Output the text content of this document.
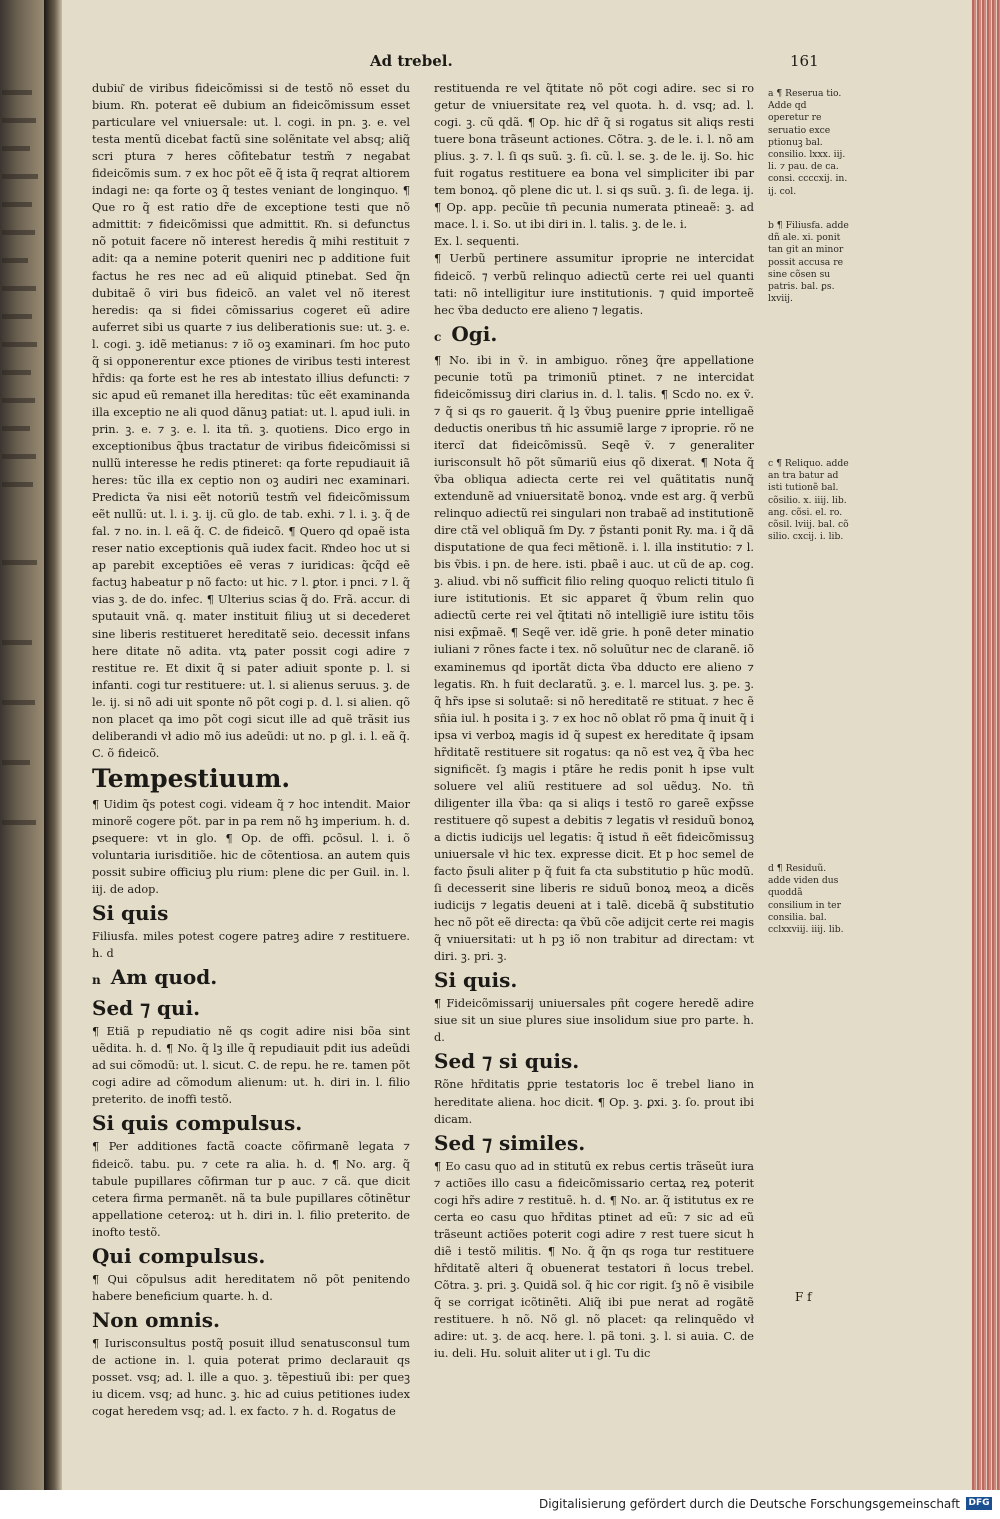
Ad trebel.	161

dubiu͂ de viribus fideicõmissi si de testõ nõ esset du bium. R͂n. poterat eẽ dubium an fideicõmissum esset particulare vel vniuersale: ut. l. cogi. in pn. ꝫ. e. vel testa mentũ dicebat factũ sine solẽnitate vel absq; aliq̃ scri ptura ⁊ heres cõfitebatur testm̃ ⁊ negabat fideicõmis sum. ⁊ ex hoc põt eẽ q̃ ista q̃ reqrat altiorem indagi ne: qa forte oꝫ q̃ testes veniant de longinquo. ¶ Que ro q̃ est ratio dr̃e de exceptione testi que nõ admittit: ⁊ fideicõmissi que admittit. R͂n. si defunctus nõ potuit facere nõ interest heredis q̃ mihi restituit ⁊ adit: qa a nemine poterit queniri nec p additione fuit factus he res nec ad eũ aliquid ptinebat. Sed q̃n dubitaẽ õ viri bus fideicõ. an valet vel nõ iterest heredis: qa si fidei cõmissarius cogeret eũ adire auferret sibi us quarte ⁊ ius deliberationis sue: ut. ꝫ. e. l. cogi. ꝫ. idẽ metianus: ⁊ iõ oꝫ examinari. ſm hoc puto q̃ si opponerentur exce ptiones de viribus testi interest hr̃dis: qa forte est he res ab intestato illius defuncti: ⁊ sic apud eũ remanet illa hereditas: tũc eẽt examinanda illa exceptio ne ali quod dãnuꝫ patiat: ut. l. apud iuli. in prin. ꝫ. e. ⁊ ꝫ. e. l. ita tñ. ꝫ. quotiens. Dico ergo in exceptionibus q̃bus tractatur de viribus fideicõmissi si nullũ interesse he redis ptineret: qa forte repudiauit iã heres: tũc illa ex ceptio non oꝫ audiri nec examinari. Predicta ṽa nisi eẽt notoriũ testm̃ vel fideicõmissum eẽt nullũ: ut. l. i. ꝫ. ij. cũ glo. de tab. exhi. ⁊ l. i. ꝫ. q̃ de fal. ⁊ no. in. l. eã q̃. C. de fideicõ. ¶ Quero qd opaẽ ista reser natio exceptionis quã iudex facit. R͂ndeo hoc ut si ap parebit exceptiões eẽ veras ⁊ iuridicas: q̃cq̃d eẽ factuꝫ habeatur p nõ facto: ut hic. ⁊ l. ꝑtor. i pnci. ⁊ l. q̃ vias ꝫ. de do. infec. ¶ Ulterius scias q̃ do. Frã. accur. di sputauit vnã. q. mater instituit filiuꝫ ut si decederet sine liberis restitueret hereditatẽ seio. decessit infans here ditate nõ adita. vtꝝ pater possit cogi adire ⁊ restitue re. Et dixit q̃ si pater adiuit sponte p. l. si infanti. cogi tur restituere: ut. l. si alienus seruus. ꝫ. de le. ij. si nõ adi uit sponte nõ põt cogi p. d. l. si alien. qõ non placet qa imo põt cogi sicut ille ad quẽ trãsit ius deliberandi vł adio mõ ius adeũdi: ut no. p gl. i. l. eã q̃. C. õ fideicõ.

Tempestiuum.

¶ Uidim q̃s potest cogi. videam q̃ ⁊ hoc intendit. Maior minorẽ cogere põt. par in pa rem nõ hꝫ imperium. h. d. ꝑsequere: vt in glo. ¶ Op. de offi. ꝑcõsul. l. i. õ voluntaria iurisditiõe. hic de cõtentiosa. an autem quis possit subire officiuꝫ plu rium: plene dic per Guil. in. l. iij. de adop.

Si quis

Filiusfa. miles potest cogere patreꝫ adire ⁊ restituere. h. d

n Am quod.
Sed ⁊ qui.

¶ Etiã p repudiatio nẽ qs cogit adire nisi bõa sint uẽdita. h. d. ¶ No. q̃ lꝫ ille q̃ repudiauit pdit ius adeũdi ad sui cõmodũ: ut. l. sicut. C. de repu. he re. tamen põt cogi adire ad cõmodum alienum: ut. h. diri in. l. filio preterito. de inoffi testõ.

Si quis compulsus.

¶ Per additiones factã coacte cõfirmanẽ legata ⁊ fideicõ. tabu. pu. ⁊ cete ra alia. h. d. ¶ No. arg. q̃ tabule pupillares cõfirman tur p auc. ⁊ cã. que dicit cetera firma permanẽt. nã ta bule pupillares cõtinẽtur appellatione ceteroꝝ: ut h. diri in. l. filio preterito. de inofto testõ.

Qui compulsus.

¶ Qui cõpulsus adit hereditatem nõ põt penitendo habere beneficium quarte. h. d.

Non omnis.

¶ Iurisconsultus postq̃ posuit illud senatusconsul tum de actione in. l. quia poterat primo declarauit qs posset. vsq; ad. l. ille a quo. ꝫ. tẽpestiuũ ibi: per queꝫ iu dicem. vsq; ad hunc. ꝫ. hic ad cuius petitiones iudex cogat heredem vsq; ad. l. ex facto. ⁊ h. d. Rogatus de

restituenda re vel q̃titate nõ põt cogi adire. sec si ro getur de vniuersitate reꝝ vel quota. h. d. vsq; ad. l. cogi. ꝫ. cũ qdã. ¶ Op. hic dr̃ q̃ si rogatus sit aliqs resti tuere bona trãseunt actiones. Cõtra. ꝫ. de le. i. l. nõ am plius. ꝫ. ⁊. l. ſi qs suũ. ꝫ. ſi. cũ. l. se. ꝫ. de le. ij. So. hic fuit rogatus restituere ea bona vel simpliciter ibi par tem bonoꝝ. qõ plene dic ut. l. si qs suũ. ꝫ. ſi. de lega. ij. ¶ Op. app. pecũie tñ pecunia numerata ptineaẽ: ꝫ. ad mace. l. i. So. ut ibi diri in. l. talis. ꝫ. de le. i.

Ex. l. sequenti.

¶ Uerbũ pertinere assumitur iproprie ne intercidat fideicõ. ⁊ verbũ relinquo adiectũ certe rei uel quanti tati: nõ intelligitur iure institutionis. ⁊ quid importeẽ hec ṽba deducto ere alieno ⁊ legatis.

c Ogi.

¶ No. ibi in ṽ. in ambiguo. rõneꝫ q̃re appellatione pecunie totũ pa trimoniũ ptinet. ⁊ ne intercidat fideicõmissuꝫ diri clarius in. d. l. talis. ¶ Scdo no. ex ṽ. ⁊ q̃ si qs ro gauerit. q̃ lꝫ ṽbuꝫ puenire ꝑprie intelligaẽ deductis oneribus tñ hic assumiẽ large ⁊ iproprie. rõ ne itercĩ dat fideicõmissũ. Seqẽ ṽ. ⁊ generaliter iurisconsult hõ põt sũmariũ eius qõ dixerat. ¶ Nota q̃ ṽba obliqua adiecta certe rei vel quãtitatis nunq̃ extendunẽ ad vniuersitatẽ bonoꝝ. vnde est arg. q̃ verbũ relinquo adiectũ rei singulari non trabaẽ ad institutionẽ dire ctã vel obliquã ſm Dy. ⁊ p̃stanti ponit Ry. ma. i q̃ dã disputatione de qua feci mẽtionẽ. i. l. illa institutio: ⁊ l. bis ṽbis. i pn. de here. isti. pbaẽ i auc. ut cũ de ap. cog. ꝫ. aliud. vbi nõ sufficit filio reling quoquo relicti titulo ſi iure istitutionis. Et sic apparet q̃ ṽbum relin quo adiectũ certe rei vel q̃titati nõ intelligiẽ iure istitu tõis nisi exp̃maẽ. ¶ Seqẽ ver. idẽ grie. h ponẽ deter minatio iuliani ⁊ rõnes facte i tex. nõ soluũtur nec de claranẽ. iõ examinemus qd iportãt dicta ṽba dducto ere alieno ⁊ legatis. R͂n. h fuit declaratũ. ꝫ. e. l. marcel lus. ꝫ. pe. ꝫ. q̃ hr̃s ipse si solutaẽ: si nõ hereditatẽ re stituat. ⁊ hec ẽ sñia iul. h posita i ꝫ. ⁊ ex hoc nõ oblat rõ pma q̃ inuit q̃ i ipsa vi verboꝝ magis id q̃ supest ex hereditate q̃ ipsam hr̃ditatẽ restituere sit rogatus: qa nõ est veꝝ q̃ ṽba hec significẽt. ſꝫ magis i ptãre he redis ponit h ipse vult soluere vel aliũ restituere ad sol uẽduꝫ. No. tñ diligenter illa ṽba: qa si aliqs i testõ ro gareẽ exp̃sse restituere qõ supest a debitis ⁊ legatis vł residuũ bonoꝝ a dictis iudicijs uel legatis: q̃ istud ñ eẽt fideicõmissuꝫ uniuersale vł hic tex. expresse dicit. Et p hoc semel de facto p̃suli aliter p q̃ fuit fa cta substitutio p hũc modũ. ſi decesserit sine liberis re siduũ bonoꝝ meoꝝ a dicẽs iudicijs ⁊ legatis deueni at i talẽ. dicebã q̃ substitutio hec nõ põt eẽ directa: qa ṽbũ cõe adijcit certe rei magis q̃ vniuersitati: ut h pꝫ iõ non trabitur ad directam: vt diri. ꝫ. pri. ꝫ.

Si quis.

¶ Fideicõmissarij uniuersales pñt cogere heredẽ adire siue sit un siue plures siue insolidum siue pro parte. h. d.

Sed ⁊ si quis.

Rõne hr̃ditatis ꝑprie testatoris loc ẽ trebel liano in hereditate aliena. hoc dicit. ¶ Op. ꝫ. ꝑxi. ꝫ. ſo. prout ibi dicam.

Sed ⁊ similes.

¶ Eo casu quo ad in stitutũ ex rebus certis trãseũt iura ⁊ actiões illo casu a fideicõmissario certaꝝ reꝝ poterit cogi hr̃s adire ⁊ restituẽ. h. d. ¶ No. ar. q̃ istitutus ex re certa eo casu quo hr̃ditas ptinet ad eũ: ⁊ sic ad eũ trãseunt actiões poterit cogi adire ⁊ rest tuere sicut h diẽ i testõ militis. ¶ No. q̃ q̃n qs roga tur restituere hr̃ditatẽ alteri q̃ obuenerat testatori ñ locus trebel. Cõtra. ꝫ. pri. ꝫ. Quidã sol. q̃ hic cor rigit. ſꝫ nõ ẽ visibile q̃ se corrigat icõtinẽti. Aliq̃ ibi pue nerat ad rogãtẽ restituere. h nõ. Nõ gl. nõ placet: qa relinquẽdo vł adire: ut. ꝫ. de acq. here. l. pã toni. ꝫ. l. si auia. C. de iu. deli. Hu. soluit aliter ut i gl. Tu dic

a ¶ Reserua tio. Adde qd operetur re seruatio exce ptionuꝫ bal. consilio. lxxx. iij. li. ⁊ pau. de ca. consi. ccccxij. in. ij. col.
b ¶ Filiusfa. adde dñ ale. xi. ponit tan git an minor possit accusa re sine cõsen su patris. bal. ꝑs. lxviij.
c ¶ Reliquo. adde an tra batur ad isti tutionẽ bal. cõsilio. x. iiij. lib. ang. cõsi. el. ro. cõsil. lviij. bal. cõ silio. cxcij. i. lib.
d ¶ Residuũ. adde viden dus quoddã consilium in ter consilia. bal. cclxxviij. iiij. lib.
F f
Digitalisierung gefördert durch die Deutsche Forschungsgemeinschaft DFG
